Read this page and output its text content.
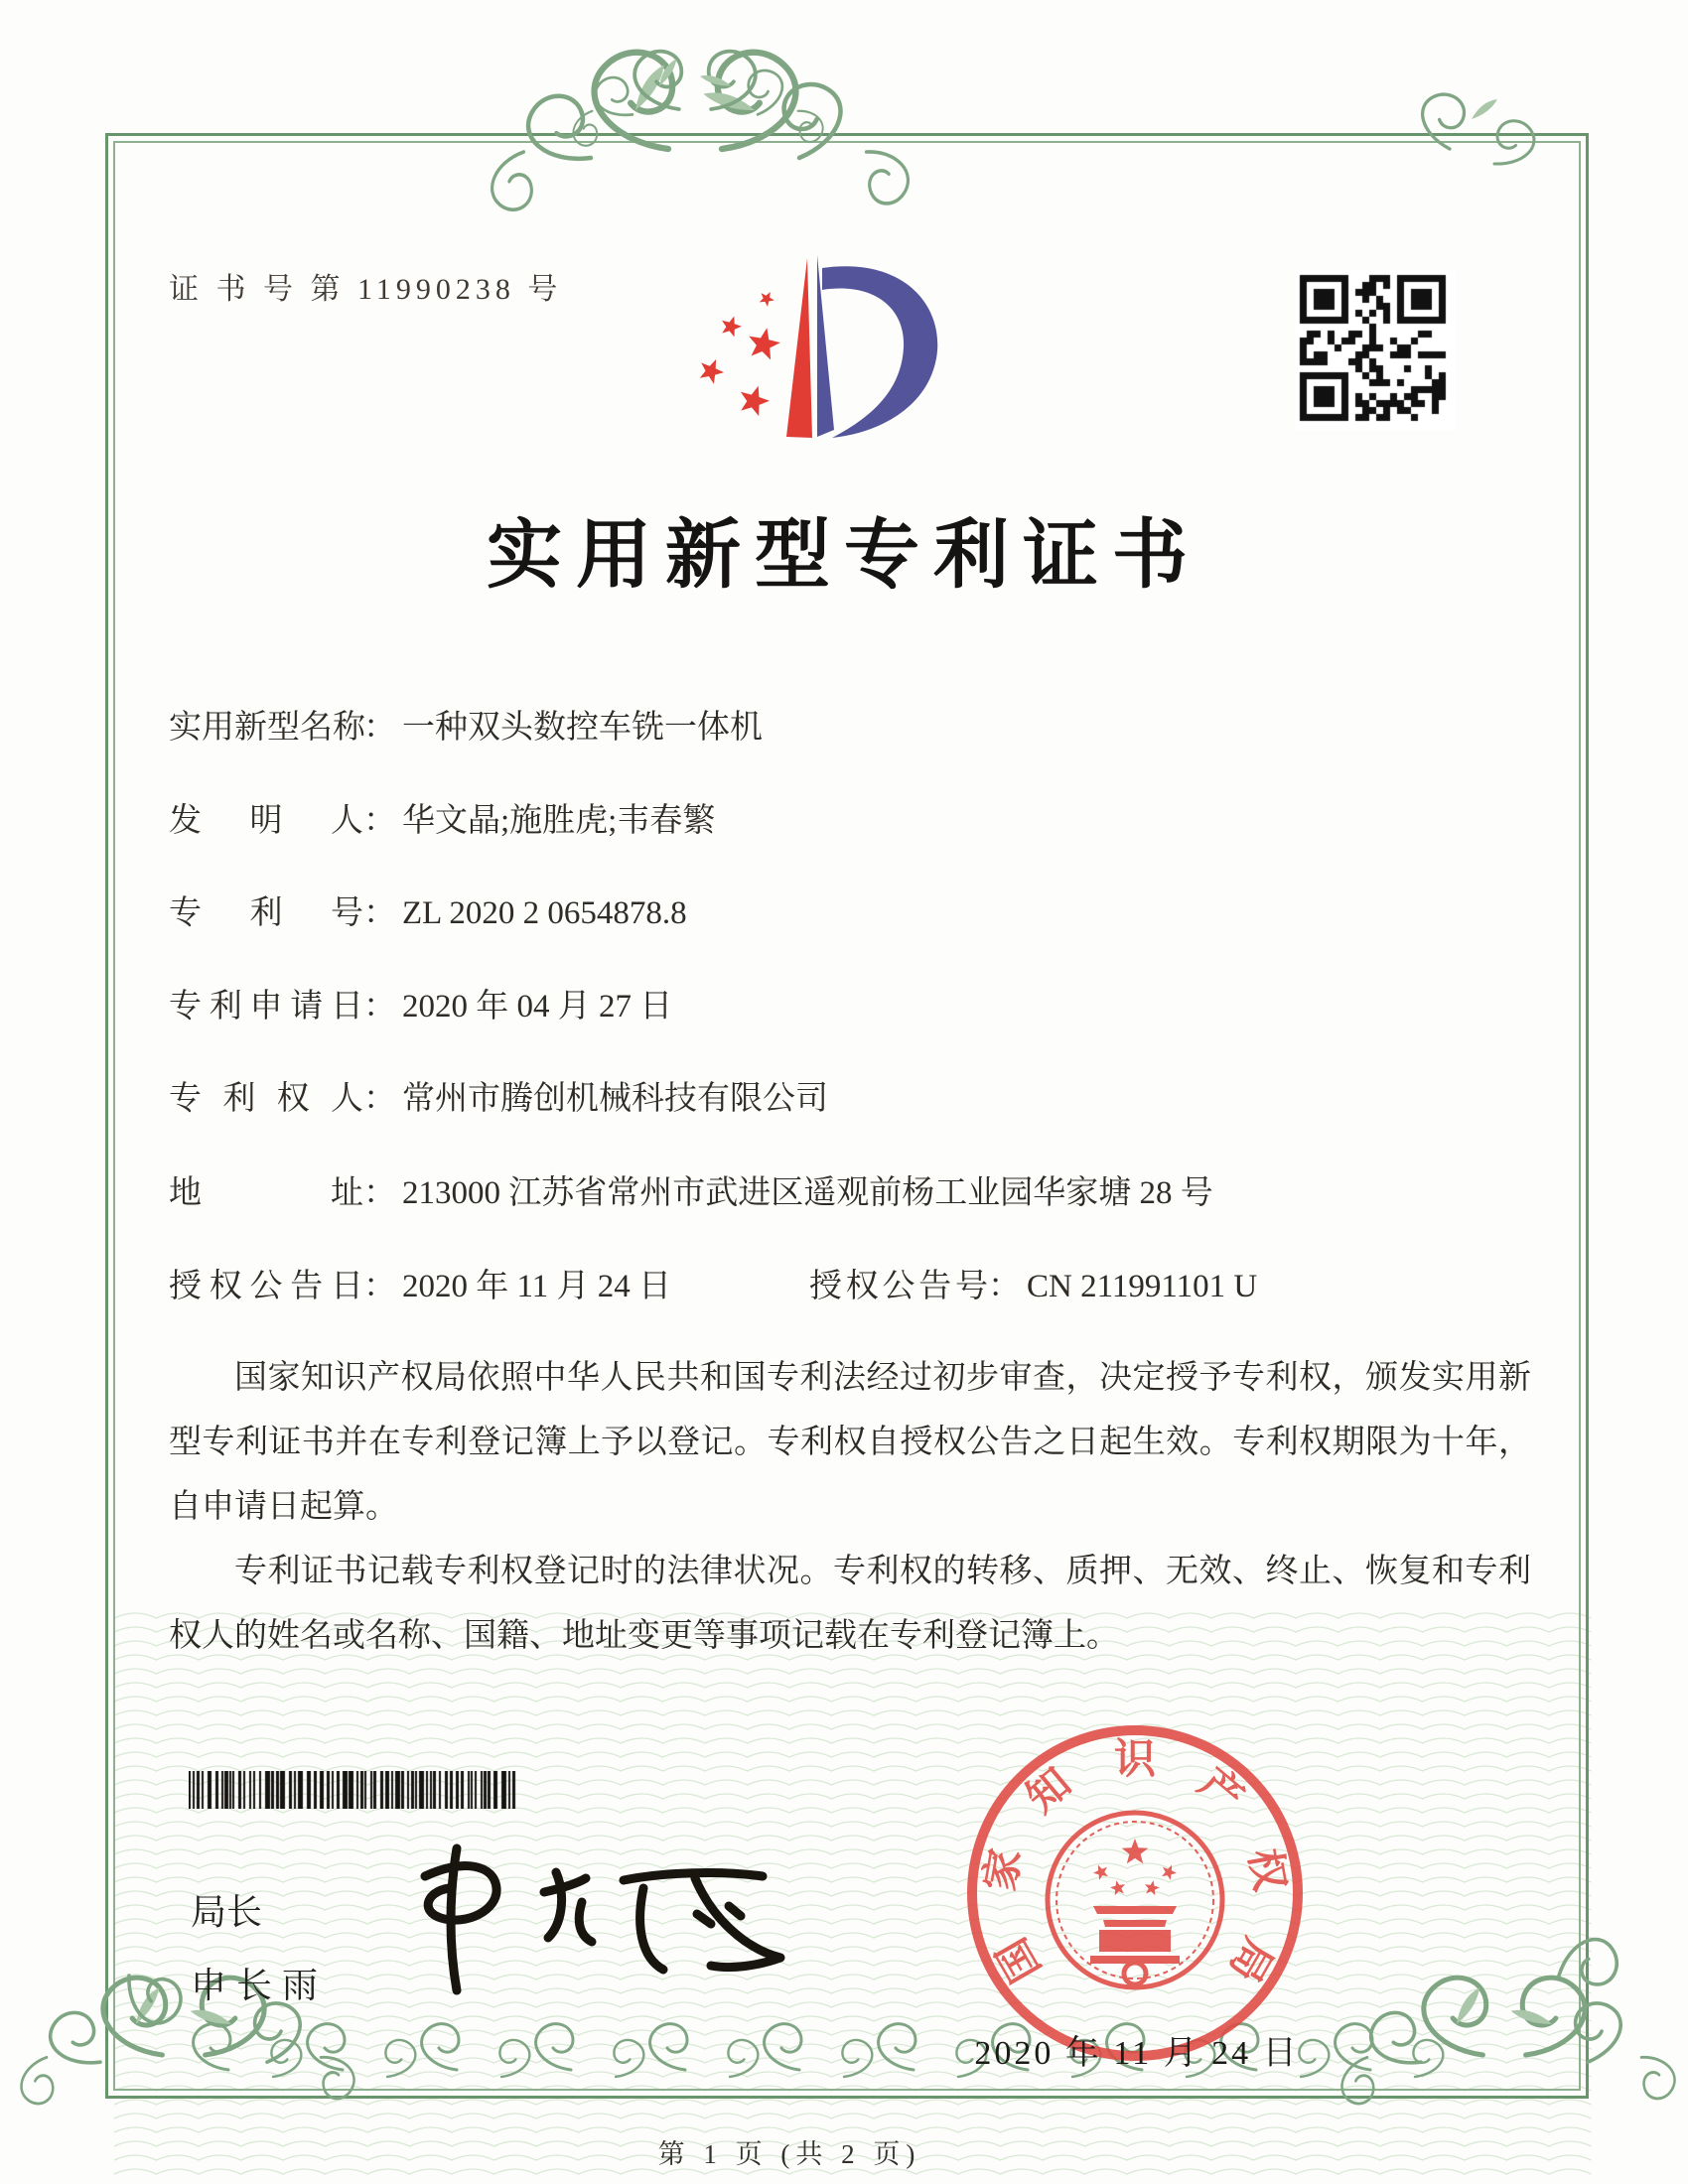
证 书 号 第 11990238 号
实用新型专利证书
实用新型名称： 一种双头数控车铣一体机
发明人： 华文晶;施胜虎;韦春繁
专利号： ZL 2020 2 0654878.8
专利申请日： 2020 年 04 月 27 日
专利权人： 常州市腾创机械科技有限公司
地址： 213000 江苏省常州市武进区遥观前杨工业园华家塘 28 号
授权公告日： 2020 年 11 月 24 日	授权公告号： CN 211991101 U

国家知识产权局依照中华人民共和国专利法经过初步审查，决定授予专利权，颁发实用新型专利证书并在专利登记簿上予以登记。专利权自授权公告之日起生效。专利权期限为十年，自申请日起算。

专利证书记载专利权登记时的法律状况。专利权的转移、质押、无效、终止、恢复和专利权人的姓名或名称、国籍、地址变更等事项记载在专利登记簿上。

局长
申长雨	国
家
知
识
产
权
局
2020 年 11 月 24 日
第 1 页 (共 2 页)
